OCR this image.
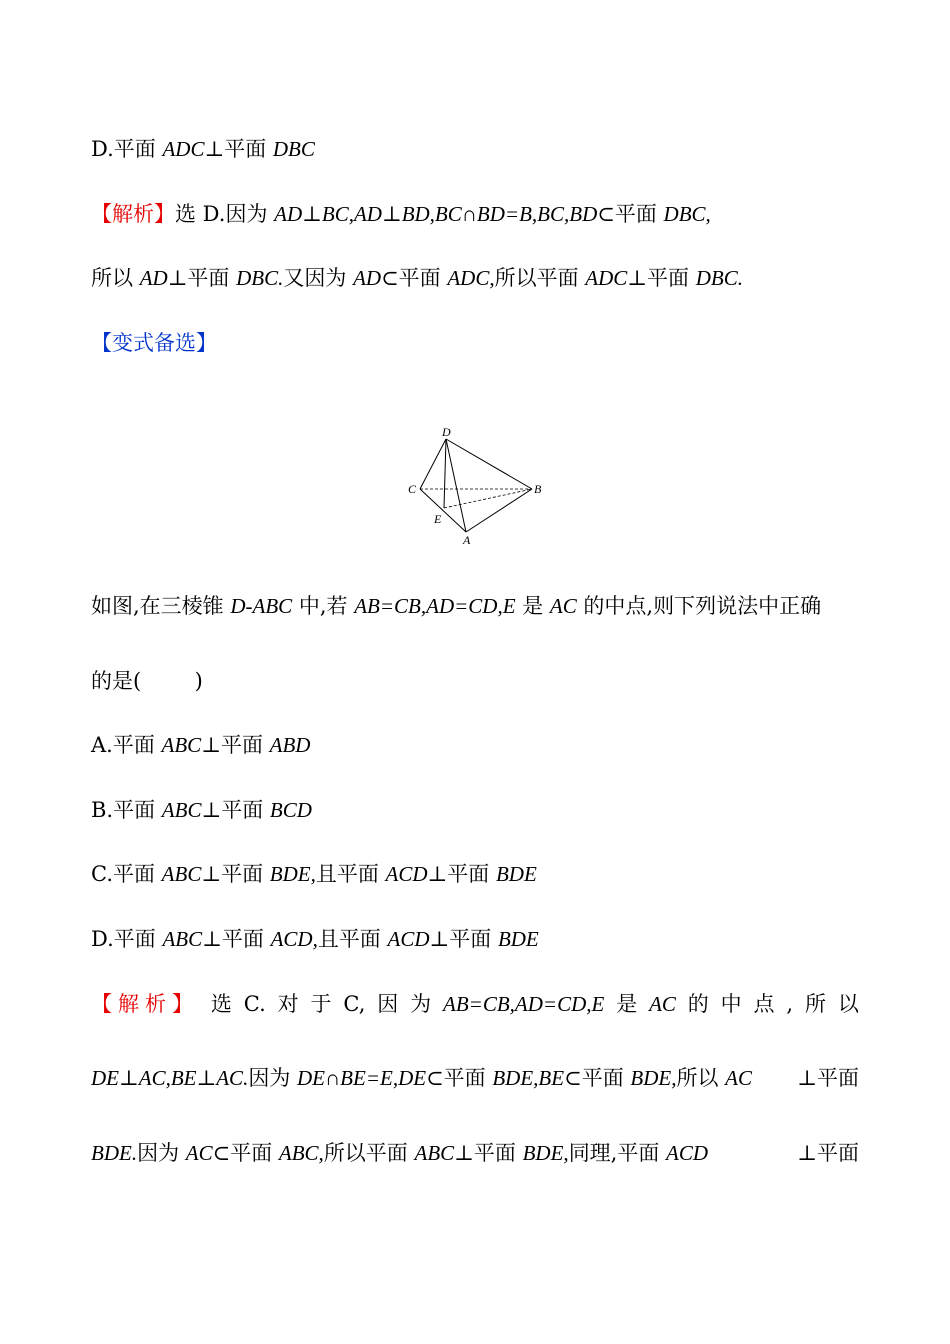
D.平面 ADC⊥平面 DBC
【解析】选 D.因为 AD⊥BC,AD⊥BD,BC∩BD=B,BC,BD⊂平面 DBC,
所以 AD⊥平面 DBC.又因为 AD⊂平面 ADC,所以平面 ADC⊥平面 DBC.
【变式备选】
D
C	B
E
A
如图,在三棱锥 D-ABC 中,若 AB=CB,AD=CD,E 是 AC 的中点,则下列说法中正确
的是(        )
A.平面 ABC⊥平面 ABD
B.平面 ABC⊥平面 BCD
C.平面 ABC⊥平面 BDE,且平面 ACD⊥平面 BDE
D.平面 ABC⊥平面 ACD,且平面 ACD⊥平面 BDE
【解析】 选 C. 对 于 C, 因 为 AB=CB,AD=CD,E 是 AC 的 中 点 , 所 以
DE⊥AC,BE⊥AC.因为 DE∩BE=E,DE⊂平面 BDE,BE⊂平面 BDE,所以 AC ⊥平面
BDE.因为 AC⊂平面 ABC,所以平面 ABC⊥平面 BDE,同理,平面 ACD	⊥平面
